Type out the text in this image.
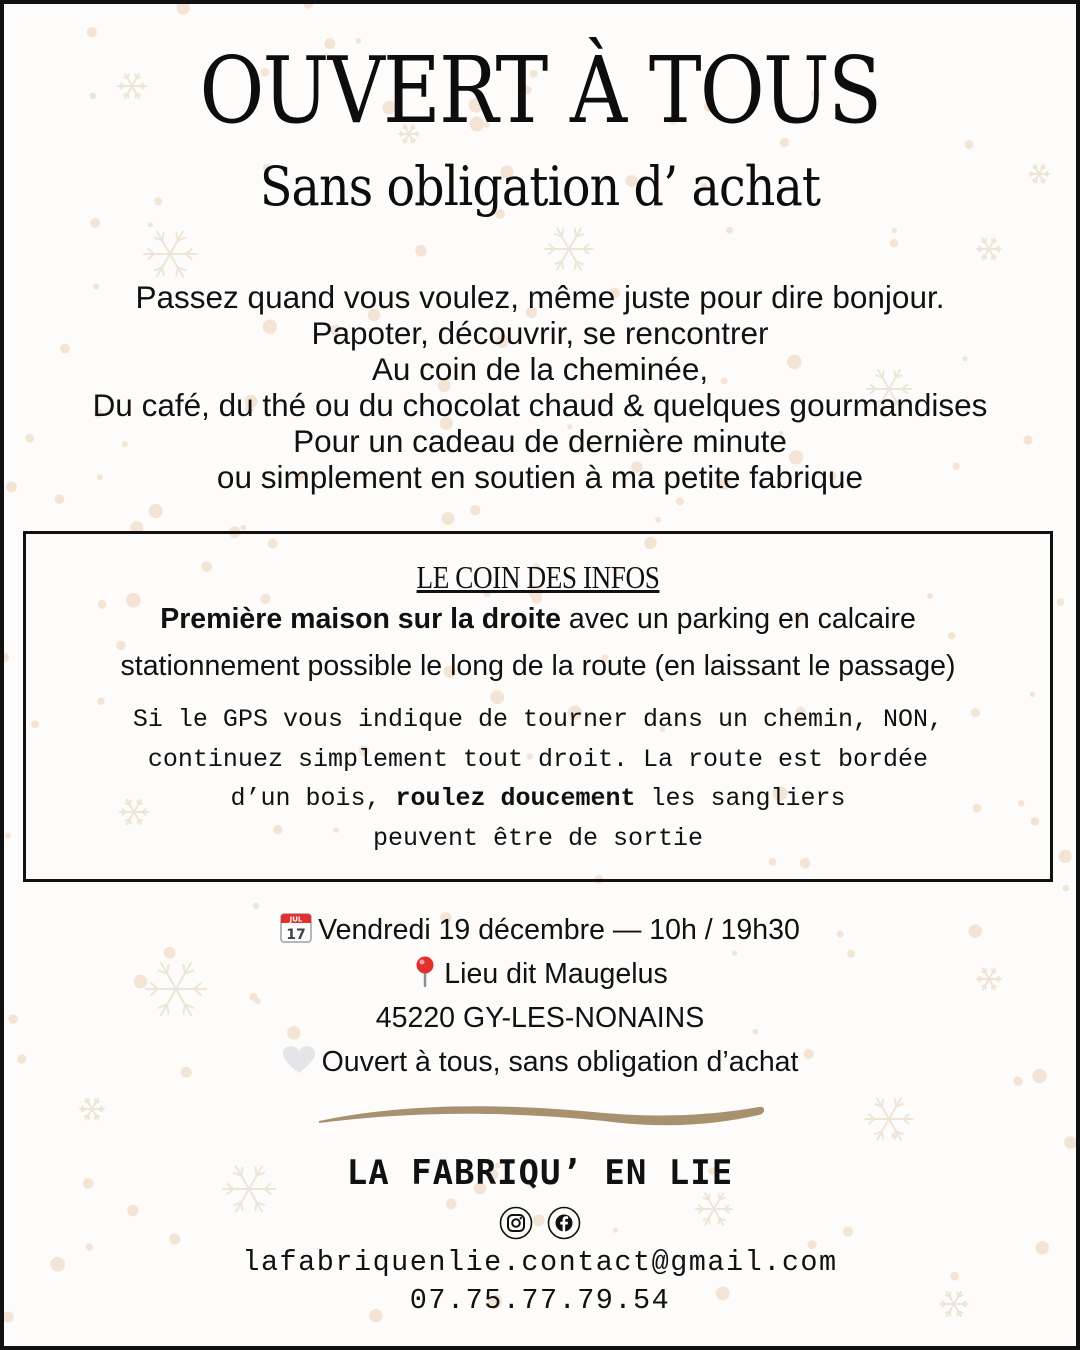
OUVERT À TOUS
Sans obligation d’ achat
Passez quand vous voulez, même juste pour dire bonjour.
Papoter, découvrir, se rencontrer
Au coin de la cheminée,
Du café, du thé ou du chocolat chaud & quelques gourmandises
Pour un cadeau de dernière minute
ou simplement en soutien à ma petite fabrique
LE COIN DES INFOS
Première maison sur la droite avec un parking en calcaire
stationnement possible le long de la route (en laissant le passage)
Si le GPS vous indique de tourner dans un chemin, NON,
continuez simplement tout droit. La route est bordée
d’un bois, roulez doucement les sangliers
peuvent être de sortie
JUL
17 Vendredi 19 décembre — 10h / 19h30
Lieu dit Maugelus
45220 GY-LES-NONAINS
Ouvert à tous, sans obligation d’achat
LA FABRIQU’ EN LIE

lafabriquenlie.contact@gmail.com
07.75.77.79.54
